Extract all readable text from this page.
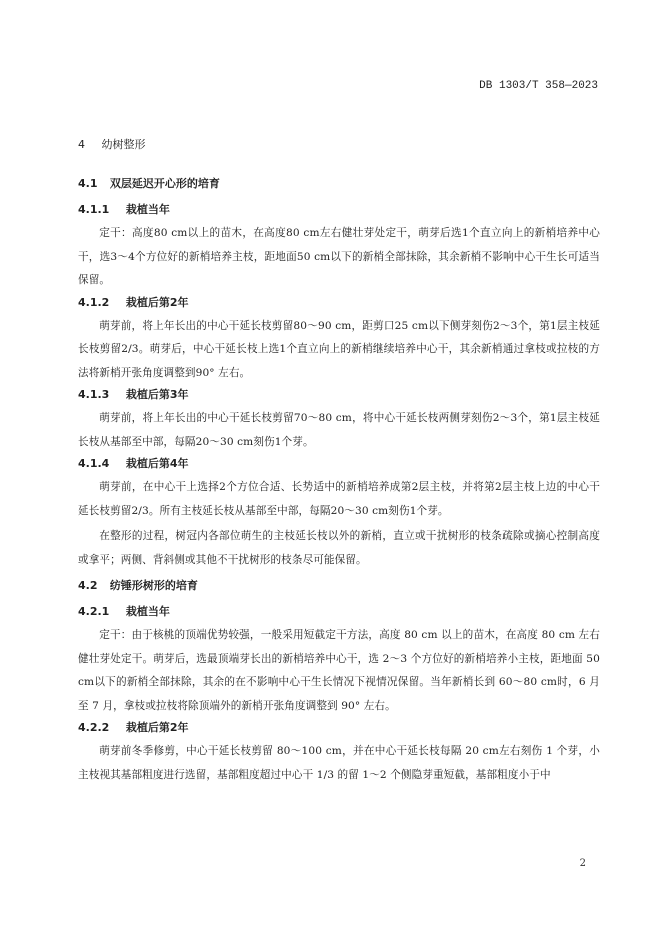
DB 1303/T 358—2023
4 幼树整形
4.1 双层延迟开心形的培育
4.1.1 栽植当年

定干：高度80 cm以上的苗木，在高度80 cm左右健壮芽处定干，萌芽后选1个直立向上的新梢培养中心干，选3～4个方位好的新梢培养主枝，距地面50 cm以下的新梢全部抹除，其余新梢不影响中心干生长可适当保留。

4.1.2 栽植后第2年

萌芽前，将上年长出的中心干延长枝剪留80～90 cm，距剪口25 cm以下侧芽刻伤2～3个，第1层主枝延长枝剪留2/3。萌芽后，中心干延长枝上选1个直立向上的新梢继续培养中心干，其余新梢通过拿枝或拉枝的方法将新梢开张角度调整到90° 左右。

4.1.3 栽植后第3年

萌芽前，将上年长出的中心干延长枝剪留70～80 cm，将中心干延长枝两侧芽刻伤2～3个，第1层主枝延长枝从基部至中部，每隔20～30 cm刻伤1个芽。

4.1.4 栽植后第4年

萌芽前，在中心干上选择2个方位合适、长势适中的新梢培养成第2层主枝，并将第2层主枝上边的中心干延长枝剪留2/3。所有主枝延长枝从基部至中部，每隔20～30 cm刻伤1个芽。

在整形的过程，树冠内各部位萌生的主枝延长枝以外的新梢，直立或干扰树形的枝条疏除或摘心控制高度或拿平；两侧、背斜侧或其他不干扰树形的枝条尽可能保留。

4.2 纺锤形树形的培育
4.2.1 栽植当年

定干：由于核桃的顶端优势较强，一般采用短截定干方法，高度 80 cm 以上的苗木，在高度 80 cm 左右健壮芽处定干。萌芽后，选最顶端芽长出的新梢培养中心干，选 2～3 个方位好的新梢培养小主枝，距地面 50 cm以下的新梢全部抹除，其余的在不影响中心干生长情况下视情况保留。当年新梢长到 60～80 cm时，6 月至 7 月，拿枝或拉枝将除顶端外的新梢开张角度调整到 90° 左右。

4.2.2 栽植后第2年

萌芽前冬季修剪，中心干延长枝剪留 80～100 cm，并在中心干延长枝每隔 20 cm左右刻伤 1 个芽，小主枝视其基部粗度进行选留，基部粗度超过中心干 1/3 的留 1～2 个侧隐芽重短截，基部粗度小于中

2
